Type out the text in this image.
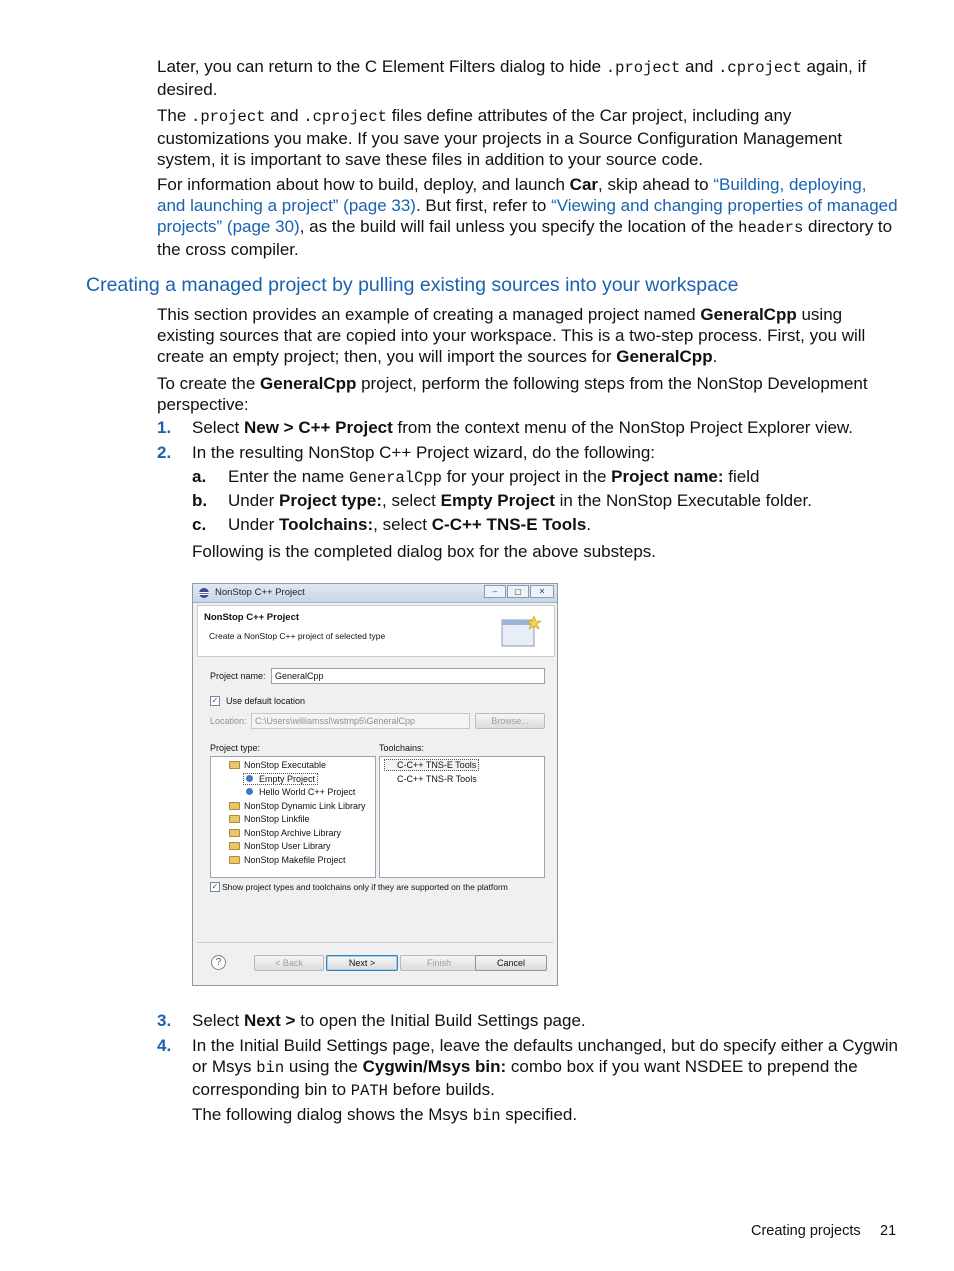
Later, you can return to the C Element Filters dialog to hide .project and .cproject again, if desired.

The .project and .cproject files define attributes of the Car project, including any customizations you make. If you save your projects in a Source Configuration Management system, it is important to save these files in addition to your source code.

For information about how to build, deploy, and launch Car, skip ahead to “Building, deploying, and launching a project” (page 33). But first, refer to “Viewing and changing properties of managed projects” (page 30), as the build will fail unless you specify the location of the headers directory to the cross compiler.

Creating a managed project by pulling existing sources into your workspace

This section provides an example of creating a managed project named GeneralCpp using existing sources that are copied into your workspace. This is a two-step process. First, you will create an empty project; then, you will import the sources for GeneralCpp.

To create the GeneralCpp project, perform the following steps from the NonStop Development perspective:

1. Select New > C++ Project from the context menu of the NonStop Project Explorer view.
2. In the resulting NonStop C++ Project wizard, do the following:
a. Enter the name GeneralCpp for your project in the Project name: field
b. Under Project type:, select Empty Project in the NonStop Executable folder.
c. Under Toolchains:, select C-C++ TNS-E Tools.
Following is the completed dialog box for the above substeps.
NonStop C++ Project	–	▢	✕
NonStop C++ Project
Create a NonStop C++ project of selected type
Project name:	GeneralCpp
✓ Use default location
Location: C:\Users\williamssl\wstmp5\GeneralCpp	Browse...
Project type:	Toolchains:
NonStop Executable
Empty Project
Hello World C++ Project
NonStop Dynamic Link Library
NonStop Linkfile
NonStop Archive Library
NonStop User Library
NonStop Makefile Project
C-C++ TNS-E Tools
C-C++ TNS-R Tools
✓ Show project types and toolchains only if they are supported on the platform
?	< Back	Next >	Finish	Cancel
3. Select Next > to open the Initial Build Settings page.
4. In the Initial Build Settings page, leave the defaults unchanged, but do specify either a Cygwin or Msys bin using the Cygwin/Msys bin: combo box if you want NSDEE to prepend the corresponding bin to PATH before builds.
The following dialog shows the Msys bin specified.
Creating projects 21
